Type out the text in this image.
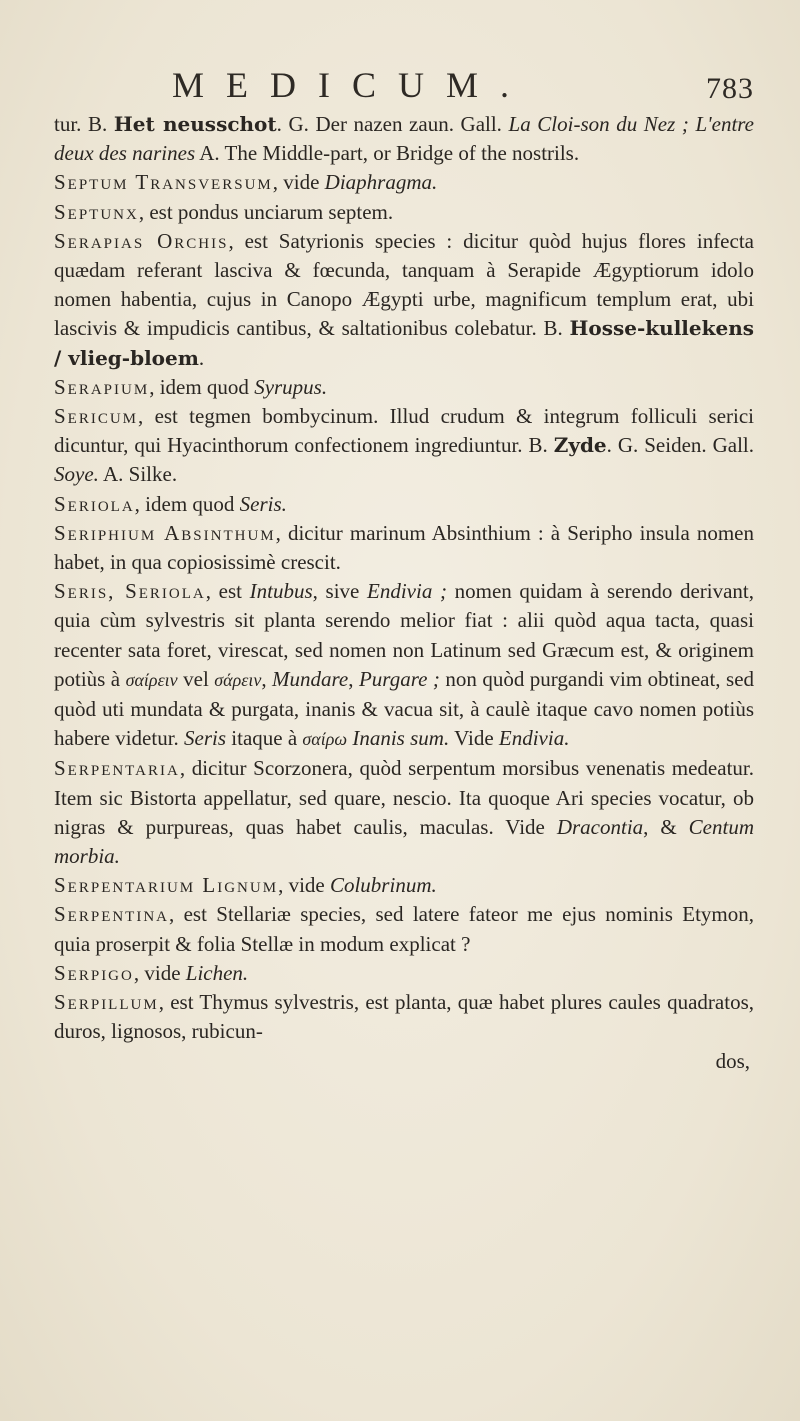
MEDICUM.	783

tur. B. Het neusschot. G. Der nazen zaun. Gall. La Cloi-son du Nez ; L'entre deux des narines A. The Middle-part, or Bridge of the nostrils.

Septum Transversum, vide Diaphragma.

Septunx, est pondus unciarum septem.

Serapias Orchis, est Satyrionis species : dicitur quòd hujus flores infecta quædam referant lasciva & fœcunda, tanquam à Serapide Ægyptiorum idolo nomen habentia, cujus in Canopo Ægypti urbe, magnificum templum erat, ubi lascivis & impudicis cantibus, & saltationibus colebatur. B. Hosse-kullekens / vlieg-bloem.

Serapium, idem quod Syrupus.

Sericum, est tegmen bombycinum. Illud crudum & integrum folliculi serici dicuntur, qui Hyacinthorum confectionem ingrediuntur. B. Zyde. G. Seiden. Gall. Soye. A. Silke.

Seriola, idem quod Seris.

Seriphium Absinthum, dicitur marinum Absinthium : à Seripho insula nomen habet, in qua copiosissimè crescit.

Seris, Seriola, est Intubus, sive Endivia ; nomen quidam à serendo derivant, quia cùm sylvestris sit planta serendo melior fiat : alii quòd aqua tacta, quasi recenter sata foret, virescat, sed nomen non Latinum sed Græcum est, & originem potiùs à σαίρειν vel σάρειν, Mundare, Purgare ; non quòd purgandi vim obtineat, sed quòd uti mundata & purgata, inanis & vacua sit, à caulè itaque cavo nomen potiùs habere videtur. Seris itaque à σαίρω Inanis sum. Vide Endivia.

Serpentaria, dicitur Scorzonera, quòd serpentum morsibus venenatis medeatur. Item sic Bistorta appellatur, sed quare, nescio. Ita quoque Ari species vocatur, ob nigras & purpureas, quas habet caulis, maculas. Vide Dracontia, & Centum morbia.

Serpentarium Lignum, vide Colubrinum.

Serpentina, est Stellariæ species, sed latere fateor me ejus nominis Etymon, quia proserpit & folia Stellæ in modum explicat ?

Serpigo, vide Lichen.

Serpillum, est Thymus sylvestris, est planta, quæ habet plures caules quadratos, duros, lignosos, rubicun-

dos,
